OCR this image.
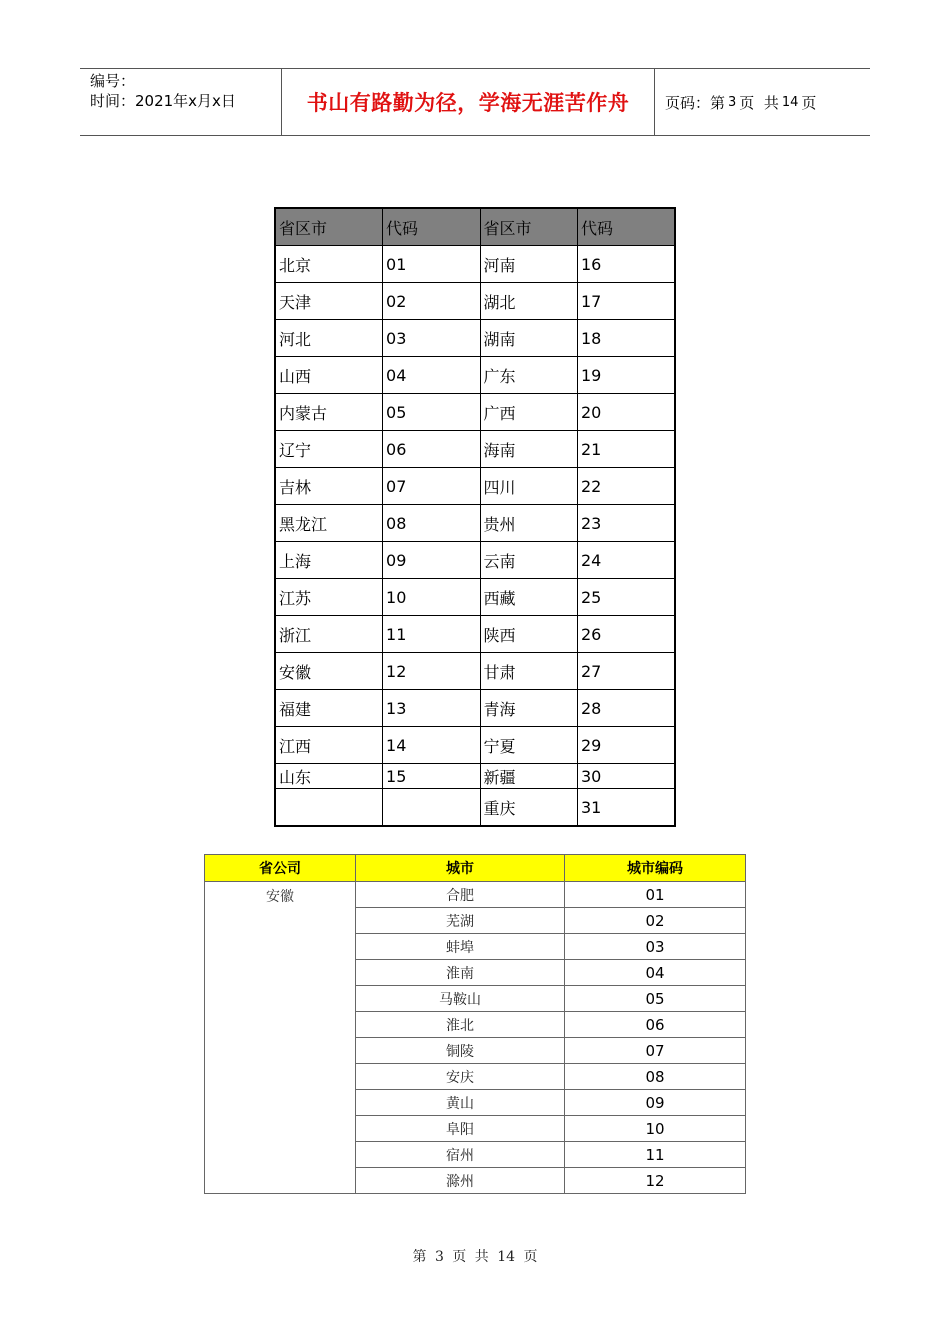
编号：
时间：2021年x月x日	书山有路勤为径，学海无涯苦作舟	页码：第 3 页  共 14 页
省区市	代码	省区市	代码
北京	01	河南	16
天津	02	湖北	17
河北	03	湖南	18
山西	04	广东	19
内蒙古	05	广西	20
辽宁	06	海南	21
吉林	07	四川	22
黑龙江	08	贵州	23
上海	09	云南	24
江苏	10	西藏	25
浙江	11	陕西	26
安徽	12	甘肃	27
福建	13	青海	28
江西	14	宁夏	29
山东	15	新疆	30
		重庆	31
省公司	城市	城市编码
安徽	合肥	01
	芜湖	02
	蚌埠	03
	淮南	04
	马鞍山	05
	淮北	06
	铜陵	07
	安庆	08
	黄山	09
	阜阳	10
	宿州	11
	滁州	12
第 3 页 共 14 页
